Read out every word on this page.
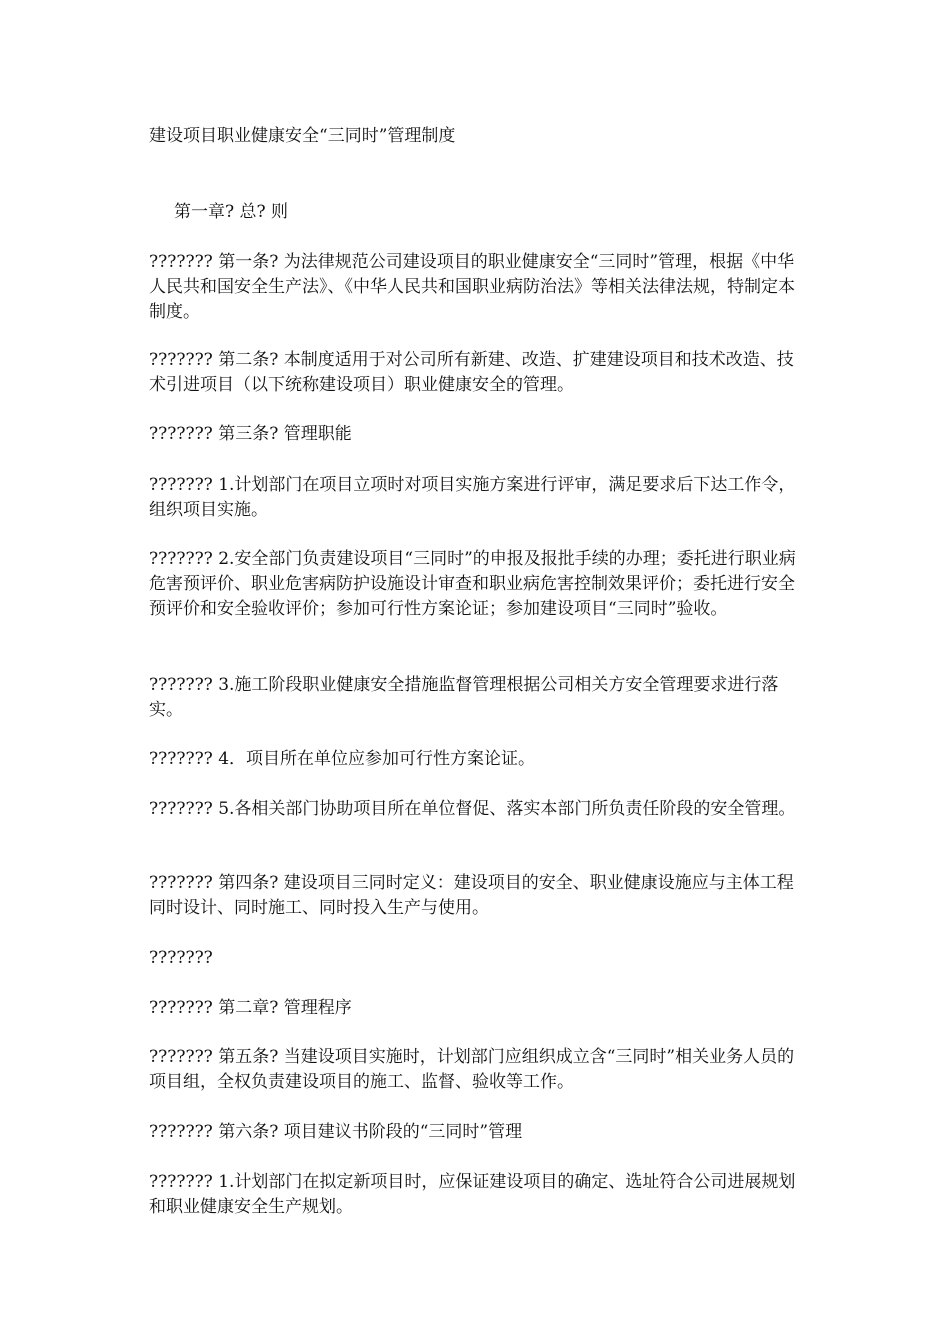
建设项目职业健康安全“三同时”管理制度
第一章? 总? 则

??????? 第一条? 为法律规范公司建设项目的职业健康安全“三同时”管理，根据《中华人民共和国安全生产法》、《中华人民共和国职业病防治法》等相关法律法规，特制定本制度。

??????? 第二条? 本制度适用于对公司所有新建、改造、扩建建设项目和技术改造、技术引进项目（以下统称建设项目）职业健康安全的管理。

??????? 第三条? 管理职能

??????? 1.计划部门在项目立项时对项目实施方案进行评审，满足要求后下达工作令，组织项目实施。

??????? 2.安全部门负责建设项目“三同时”的申报及报批手续的办理；委托进行职业病危害预评价、职业危害病防护设施设计审查和职业病危害控制效果评价；委托进行安全预评价和安全验收评价；参加可行性方案论证；参加建设项目“三同时”验收。

??????? 3.施工阶段职业健康安全措施监督管理根据公司相关方安全管理要求进行落实。

??????? 4．项目所在单位应参加可行性方案论证。

??????? 5.各相关部门协助项目所在单位督促、落实本部门所负责任阶段的安全管理。

??????? 第四条? 建设项目三同时定义：建设项目的安全、职业健康设施应与主体工程同时设计、同时施工、同时投入生产与使用。

???????

??????? 第二章? 管理程序

??????? 第五条? 当建设项目实施时，计划部门应组织成立含“三同时”相关业务人员的项目组，全权负责建设项目的施工、监督、验收等工作。

??????? 第六条? 项目建议书阶段的“三同时”管理

??????? 1.计划部门在拟定新项目时，应保证建设项目的确定、选址符合公司进展规划和职业健康安全生产规划。
